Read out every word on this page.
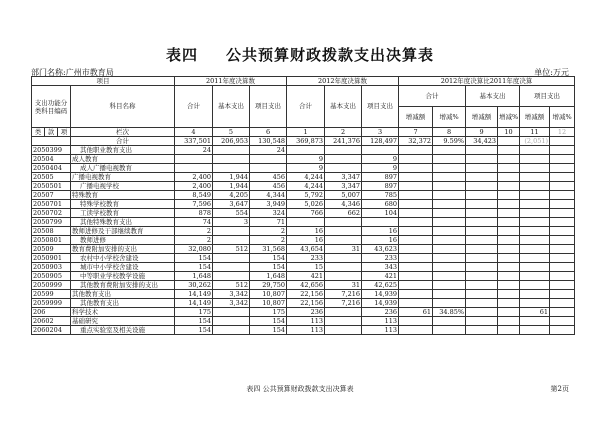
表四 公共预算财政拨款支出决算表
部门名称:广州市教育局	单位:万元
项目				2011年度决算数			2012年度决算数			2012年度决算比2011年度决算					
支出功能分类科目编码			科目名称	合计	基本支出	项目支出	合计	基本支出	项目支出	合计		基本支出		项目支出	
										增减额	增减%	增减额	增减%	增减额	增减%
类	款	项	栏次	4	5	6	1	2	3	7	8	9	10	11	12
			合计	337,501	206,953	130,548	369,873	241,376	128,497	32,372	9.59%	34,423		(2,051)	
2050399			其他职业教育支出	24		24									
20504			成人教育				9		9						
2050404			成人广播电视教育				9		9						
20505			广播电视教育	2,400	1,944	456	4,244	3,347	897						
2050501			广播电视学校	2,400	1,944	456	4,244	3,347	897						
20507			特殊教育	8,549	4,205	4,344	5,792	5,007	785						
2050701			特殊学校教育	7,596	3,647	3,949	5,026	4,346	680						
2050702			工读学校教育	878	554	324	766	662	104						
2050799			其他特殊教育支出	74	3	71									
20508			教师进修及干部继续教育	2		2	16		16						
2050801			教师进修	2		2	16		16						
20509			教育费附加安排的支出	32,080	512	31,568	43,654	31	43,623						
2050901			农村中小学校舍建设	154		154	233		233						
2050903			城市中小学校舍建设	154		154	15		343						
2050905			中等职业学校教学设施	1,648		1,648	421		421						
2050999			其他教育费附加安排的支出	30,262	512	29,750	42,656	31	42,625						
20599			其他教育支出	14,149	3,342	10,807	22,156	7,216	14,939						
2059999			其他教育支出	14,149	3,342	10,807	22,156	7,216	14,939						
206			科学技术	175		175	236		236	61	34.85%			61	
20602			基础研究	154		154	113		113						
2060204			重点实验室及相关设施	154		154	113		113						
表四 公共预算财政拨款支出决算表	第2页
